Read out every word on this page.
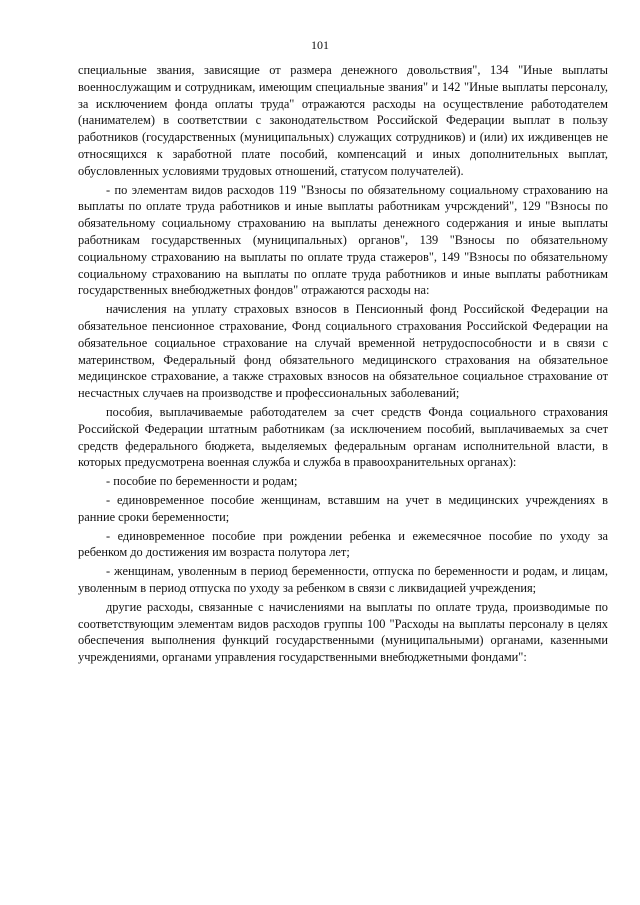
101

специальные звания, зависящие от размера денежного довольствия", 134 "Иные выплаты военнослужащим и сотрудникам, имеющим специальные звания" и 142 "Иные выплаты персоналу, за исключением фонда оплаты труда" отражаются расходы на осуществление работодателем (нанимателем) в соответствии с законодательством Российской Федерации выплат в пользу работников (государственных (муниципальных) служащих сотрудников) и (или) их иждивенцев не относящихся к заработной плате пособий, компенсаций и иных дополнительных выплат, обусловленных условиями трудовых отношений, статусом получателей).

- по элементам видов расходов 119 "Взносы по обязательному социальному страхованию на выплаты по оплате труда работников и иные выплаты работникам учрсждений", 129 "Взносы по обязательному социальному страхованию на выплаты денежного содержания и иные выплаты работникам государственных (муниципальных) органов", 139 "Взносы по обязательному социальному страхованию на выплаты по оплате труда стажеров", 149 "Взносы по обязательному социальному страхованию на выплаты по оплате труда работников и иные выплаты работникам государственных внебюджетных фондов" отражаются расходы на:

начисления на уплату страховых взносов в Пенсионный фонд Российской Федерации на обязательное пенсионное страхование, Фонд социального страхования Российской Федерации на обязательное социальное страхование на случай временной нетрудоспособности и в связи с материнством, Федеральный фонд обязательного медицинского страхования на обязательное медицинское страхование, а также страховых взносов на обязательное социальное страхование от несчастных случаев на производстве и профессиональных заболеваний;

пособия, выплачиваемые работодателем за счет средств Фонда социального страхования Российской Федерации штатным работникам (за исключением пособий, выплачиваемых за счет средств федерального бюджета, выделяемых федеральным органам исполнительной власти, в которых предусмотрена военная служба и служба в правоохранительных органах):

- пособие по беременности и родам;

- единовременное пособие женщинам, вставшим на учет в медицинских учреждениях в ранние сроки беременности;

- единовременное пособие при рождении ребенка и ежемесячное пособие по уходу за ребенком до достижения им возраста полутора лет;

- женщинам, уволенным в период беременности, отпуска по беременности и родам, и лицам, уволенным в период отпуска по уходу за ребенком в связи с ликвидацией учреждения;

другие расходы, связанные с начислениями на выплаты по оплате труда, производимые по соответствующим элементам видов расходов группы 100 "Расходы на выплаты персоналу в целях обеспечения выполнения функций государственными (муниципальными) органами, казенными учреждениями, органами управления государственными внебюджетными фондами":
